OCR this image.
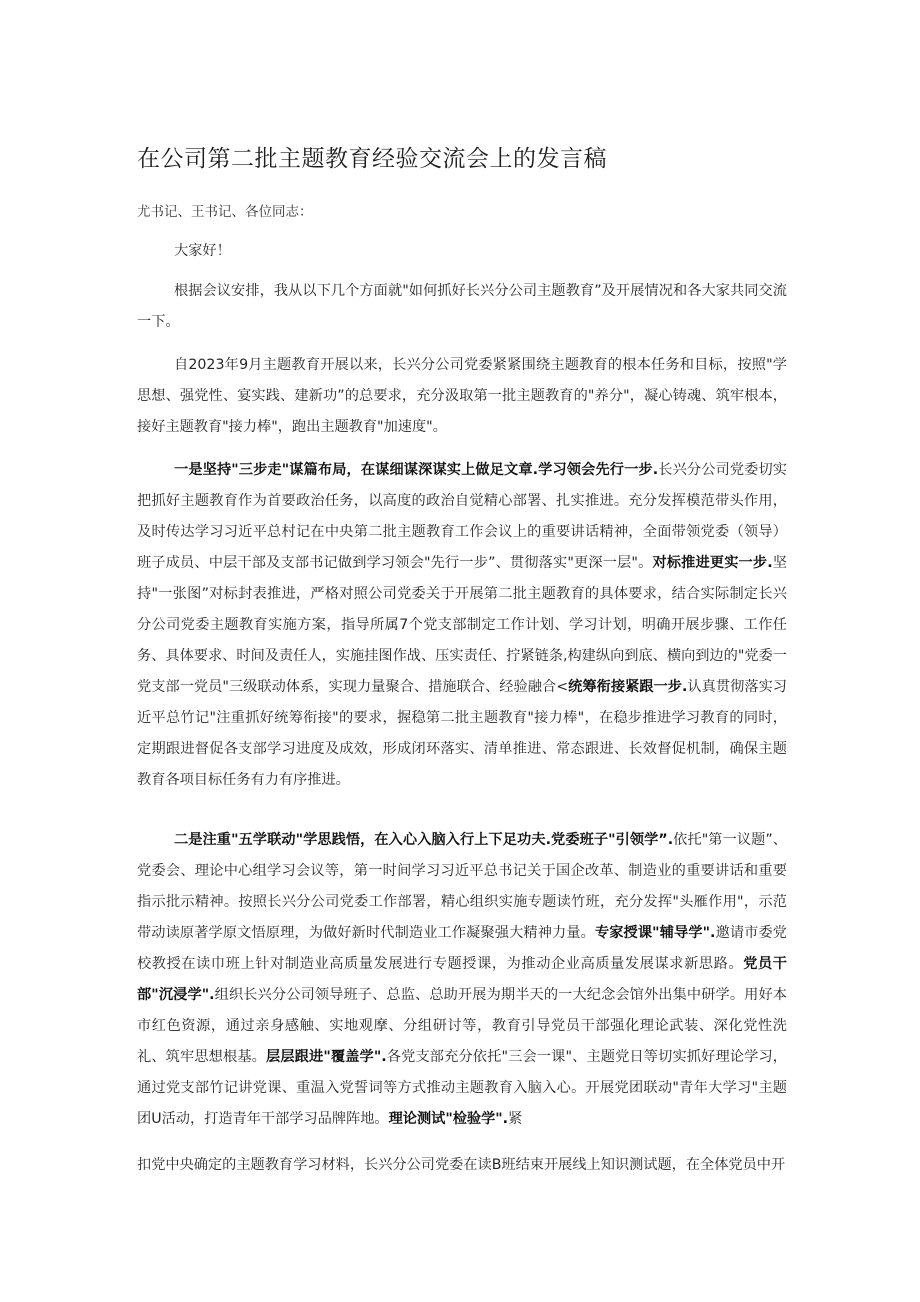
在公司第二批主题教育经验交流会上的发言稿
尤书记、王书记、各位同志：

大家好！

根据会议安排，我从以下几个方面就"如何抓好长兴分公司主题教育”及开展情况和各大家共同交流一下。

自2023年9月主题教育开展以来，长兴分公司党委紧紧围绕主题教育的根本任务和目标，按照"学思想、强党性、宴实践、建新功”的总要求，充分汲取第一批主题教育的"养分"，凝心铸魂、筑牢根本，接好主题教育"接力棒"，跑出主题教育"加速度"。

一是坚持"三步走"谋篇布局，在谋细谋深谋实上做足文章.学习领会先行一步.长兴分公司党委切实把抓好主题教育作为首要政治任务，以高度的政治自觉精心部署、扎实推进。充分发挥模范带头作用，及时传达学习习近平总村记在中央第二批主题教育工作会议上的重要讲话精神，全面带领党委（领导）班子成员、中层干部及支部书记做到学习领会"先行一步”、贯彻落实"更深一层"。对标推进更实一步.坚持"一张图”对标封表推进，严格对照公司党委关于开展第二批主题教育的具体要求，结合实际制定长兴分公司党委主题教育实施方案，指导所属7个党支部制定工作计划、学习计划，明确开展步骤、工作任务、具体要求、时间及责任人，实施挂图作战、压实责任、拧紧链条,构建纵向到底、横向到边的"党委一党支部一党员"三级联动体系，实现力量聚合、措施联合、经验融合<统筹衔接紧跟一步.认真贯彻落实习近平总竹记"注重抓好统筹衔接"的要求，握稳第二批主题教育"接力棒"，在稳步推进学习教育的同时，定期跟进督促各支部学习进度及成效，形成闭环落实、清单推进、常态跟进、长效督促机制，确保主题教育各项目标任务有力有序推进。

二是注重"五学联动"学思践悟，在入心入脑入行上下足功夫.党委班子"引领学”.依托"第一议题”、党委会、理论中心组学习会议等，第一时间学习习近平总书记关于国企改革、制造业的重要讲话和重要指示批示精神。按照长兴分公司党委工作部署，精心组织实施专题读竹班，充分发挥"头雁作用"，示范带动读原著学原文悟原理，为做好新时代制造业工作凝聚强大精神力量。专家授课"辅导学".邀请市委党校教授在读巾班上针对制造业高质量发展进行专题授课，为推动企业高质量发展谋求新思路。党员干部"沉浸学".组织长兴分公司领导班子、总监、总助开展为期半天的一大纪念会馆外出集中研学。用好本市红色资源，通过亲身感触、实地观摩、分组研讨等，教育引导党员干部强化理论武装、深化党性洗礼、筑牢思想根基。层层跟进"覆盖学".各党支部充分依托"三会一课"、主题党日等切实抓好理论学习，通过党支部竹记讲党课、重温入党誓词等方式推动主题教育入脑入心。开展党团联动"青年大学习"主题团U活动，打造青年干部学习品牌阵地。理论测试"检验学".紧

扣党中央确定的主题教育学习材料，长兴分公司党委在读B班结束开展线上知识测试题，在全体党员中开
